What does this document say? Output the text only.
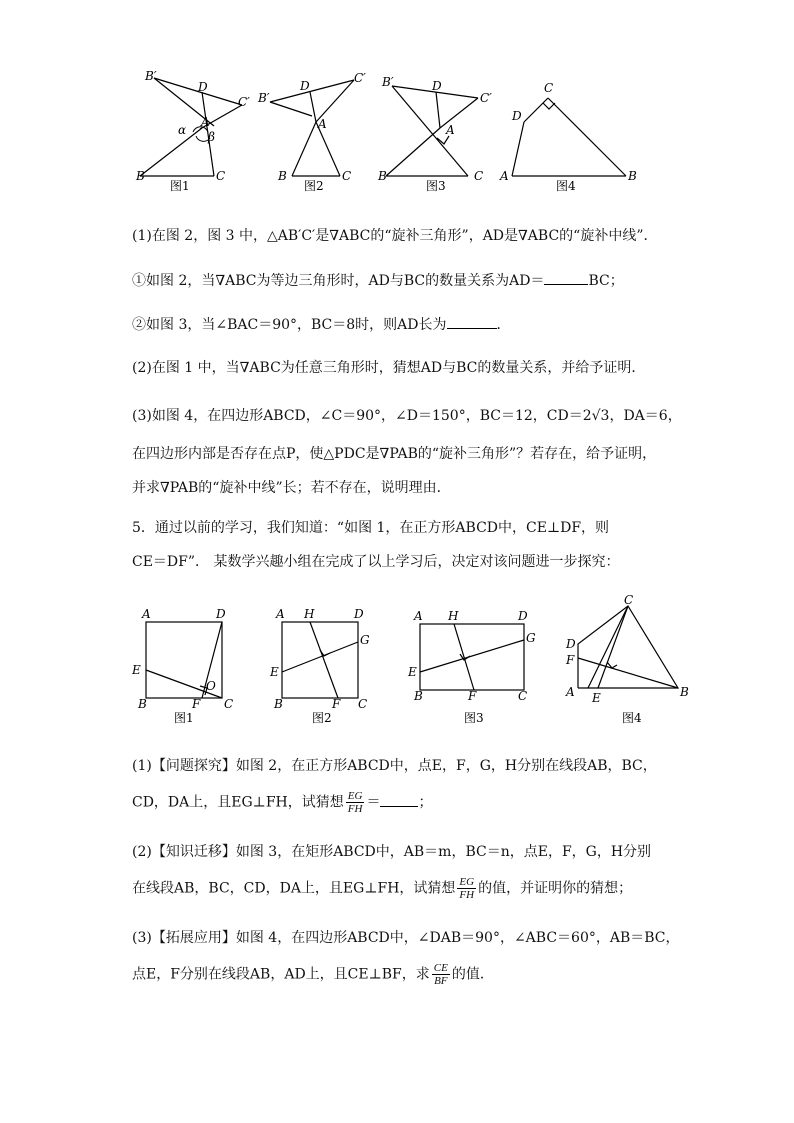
B′
D
C′
A
α β
B	C
图1
B′
D
C′
A
B	C
图2
B′	D
C′
A
B	C
图3
C
D
A	B
图4
(1)在图 2，图 3 中，△AB′C′是∇ABC的“旋补三角形”，AD是∇ABC的“旋补中线”．
①如图 2，当∇ABC为等边三角形时，AD与BC的数量关系为AD＝	BC；
②如图 3，当∠BAC＝90°，BC＝8时，则AD长为	．
(2)在图 1 中，当∇ABC为任意三角形时，猜想AD与BC的数量关系，并给予证明．
(3)如图 4，在四边形ABCD，∠C＝90°，∠D＝150°，BC＝12，CD＝2√3，DA＝6，
在四边形内部是否存在点P，使△PDC是∇PAB的“旋补三角形”？若存在，给予证明，
并求∇PAB的“旋补中线”长；若不存在，说明理由．
5．通过以前的学习，我们知道：“如图 1，在正方形ABCD中，CE⊥DF，则
CE＝DF”． 某数学兴趣小组在完成了以上学习后，决定对该问题进一步探究：
A	D
E
O
B	F C
图1
A H	D
G
E
B	F C
图2
A H	D
G
E
B	F	C
图3
C
D
F
A E	B
图4
(1)【问题探究】如图 2，在正方形ABCD中，点E，F，G，H分别在线段AB，BC，
CD，DA上，且EG⊥FH，试猜想 $\frac{EG}{FH}$ ＝	；
(2)【知识迁移】如图 3，在矩形ABCD中，AB＝m，BC＝n，点E，F，G，H分别
在线段AB，BC，CD，DA上，且EG⊥FH，试猜想 $\frac{EG}{FH}$ 的值，并证明你的猜想；
(3)【拓展应用】如图 4，在四边形ABCD中，∠DAB＝90°，∠ABC＝60°，AB＝BC，
点E，F分别在线段AB，AD上，且CE⊥BF，求 $\frac{CE}{BF}$ 的值．
